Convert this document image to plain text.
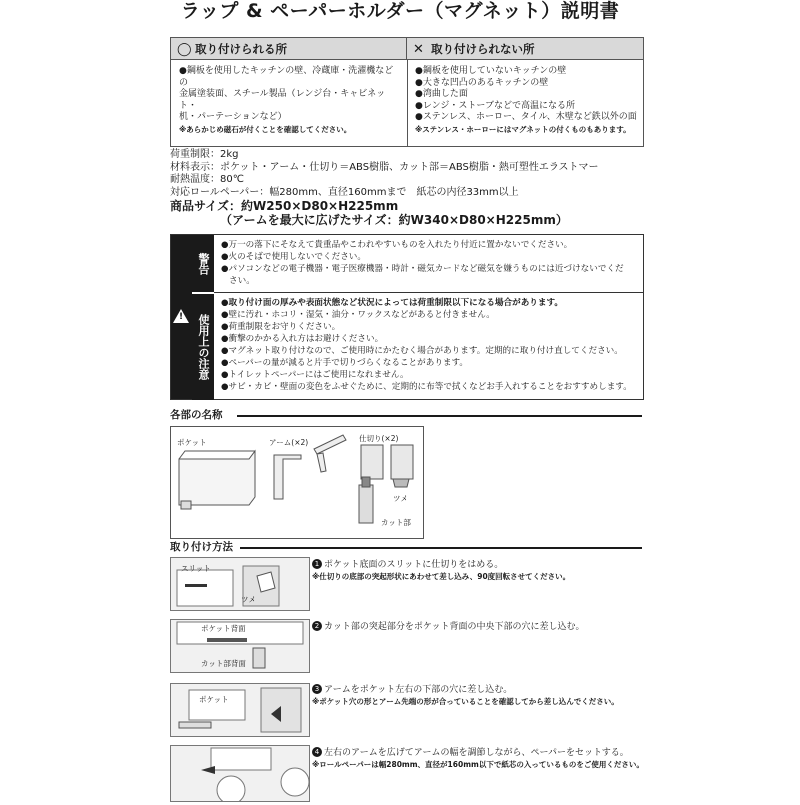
ラップ & ペーパーホルダー（マグネット）説明書
◯ 取り付けられる所	✕ 取り付けられない所
●鋼板を使用したキッチンの壁、冷蔵庫・洗濯機などの
金属塗装面、スチール製品（レンジ台・キャビネット・
机・パーテーションなど）
※あらかじめ磁石が付くことを確認してください。
●鋼板を使用していないキッチンの壁
●大きな凹凸のあるキッチンの壁
●湾曲した面
●レンジ・ストーブなどで高温になる所
●ステンレス、ホーロー、タイル、木壁など鉄以外の面
※ステンレス・ホーローにはマグネットの付くものもあります。
荷重制限：2kg
材料表示：ポケット・アーム・仕切り＝ABS樹脂、カット部＝ABS樹脂・熱可塑性エラストマー
耐熱温度：80℃
対応ロールペーパー：幅280mm、直径160mmまで　紙芯の内径33mm以上
商品サイズ：約W250×D80×H225mm
（アームを最大に広げたサイズ：約W340×D80×H225mm）
!
警告
使用上の注意
●万一の落下にそなえて貴重品やこわれやすいものを入れたり付近に置かないでください。
●火のそばで使用しないでください。
●パソコンなどの電子機器・電子医療機器・時計・磁気カードなど磁気を嫌うものには近づけないでくだ
さい。
●取り付け面の厚みや表面状態など状況によっては荷重制限以下になる場合があります。
●壁に汚れ・ホコリ・湿気・油分・ワックスなどがあると付きません。
●荷重制限をお守りください。
●衝撃のかかる入れ方はお避けください。
●マグネット取り付けなので、ご使用時にかたむく場合があります。定期的に取り付け直してください。
●ペーパーの量が減ると片手で切りづらくなることがあります。
●トイレットペーパーにはご使用になれません。
●サビ・カビ・壁面の変色をふせぐために、定期的に布等で拭くなどお手入れすることをおすすめします。
各部の名称
ポケット	アーム(×2)	仕切り(×2)
ツメ
カット部
取り付け方法
スリット
ツメ
ポケット背面
カット部背面
ポケット
1 ポケット底面のスリットに仕切りをはめる。
※仕切りの底部の突起形状にあわせて差し込み、90度回転させてください。
2 カット部の突起部分をポケット背面の中央下部の穴に差し込む。
3 アームをポケット左右の下部の穴に差し込む。
※ポケット穴の形とアーム先端の形が合っていることを確認してから差し込んでください。
4 左右のアームを広げてアームの幅を調節しながら、ペーパーをセットする。
※ロールペーパーは幅280mm、直径が160mm以下で紙芯の入っているものをご使用ください。
